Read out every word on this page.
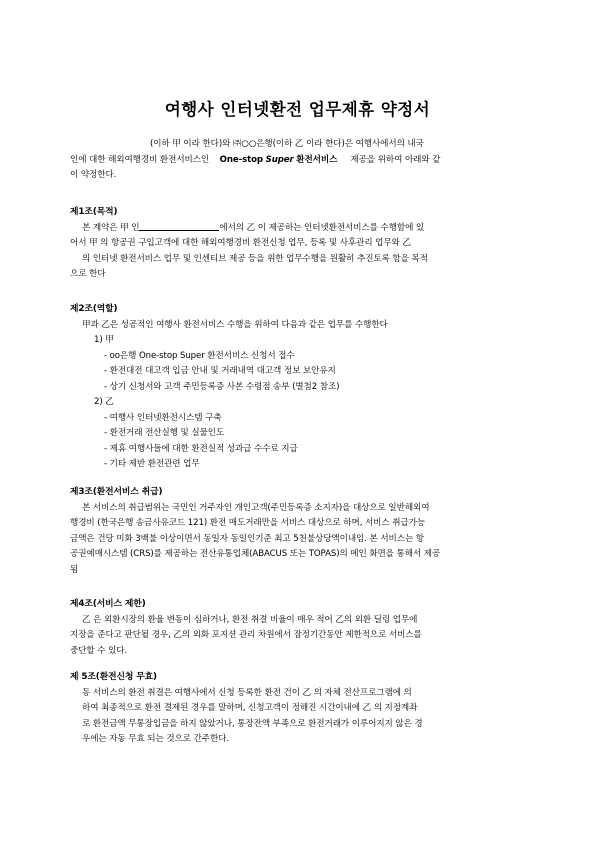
여행사 인터넷환전 업무제휴 약정서
(이하 甲 이라 한다)와 ㈜○○은행(이하 乙 이라 한다)은 여행사에서의 내국
인에 대한 해외여행경비 환전서비스인 One-stop Super 환전서비스 제공을 위하여 아래와 같
이 약정한다.
제1조(목적)
본 계약은 甲 인	에서의 乙 이 제공하는 인터넷환전서비스를 수행함에 있
어서 甲 의 항공권 구입고객에 대한 해외여행경비 환전신청 업무, 등록 및 사후관리 업무와 乙
의 인터넷 환전서비스 업무 및 인센티브 제공 등을 위한 업무수행을 원활히 추진토록 함을 목적
으로 한다
제2조(역할)
甲과 乙은 성공적인 여행사 환전서비스 수행을 위하여 다음과 같은 업무를 수행한다
1) 甲
- oo은행 One-stop Super 환전서비스 신청서 접수
- 환전대전 대고객 입금 안내 및 거래내역 대고객 정보 보안유지
- 상기 신청서와 고객 주민등록증 사본 수령점 송부 (별첨2 참조)
2) 乙
- 여행사 인터넷환전시스템 구축
- 환전거래 전산실행 및 실물인도
- 제휴 여행사들에 대한 환전실적 성과급 수수료 지급
- 기타 제반 환전관련 업무
제3조(환전서비스 취급)
본 서비스의 취급범위는 국민인 거주자인 개인고객(주민등록증 소지자)을 대상으로 일반해외여
행경비 (한국은행 송금사유코드 121) 환전 매도거래만을 서비스 대상으로 하며, 서비스 취급가능
금액은 건당 미화 3백불 이상이면서 동일자 동일인기준 최고 5천불상당액이내임. 본 서비스는 항
공권예매시스템 (CRS)를 제공하는 전산유통업체(ABACUS 또는 TOPAS)의 메인 화면을 통해서 제공
됨
제4조(서비스 제한)
乙 은 외환시장의 환율 변동이 심하거나, 환전 취결 비율이 매우 적어 乙의 외환 딜링 업무에
지장을 준다고 판단될 경우, 乙의 외화 포지션 관리 차원에서 잠정기간동안 제한적으로 서비스를
중단할 수 있다.
제 5조(환전신청 무효)
동 서비스의 환전 취결은 여행사에서 신청 등록한 환전 건이 乙 의 자체 전산프로그램에 의
하여 최종적으로 환전 결제된 경우를 말하며, 신청고객이 정해진 시간이내에 乙 의 지정계좌
로 환전금액 무통장입금을 하지 않았거나, 통장잔액 부족으로 환전거래가 이루어지지 않은 경
우에는 자동 무효 되는 것으로 간주한다.
